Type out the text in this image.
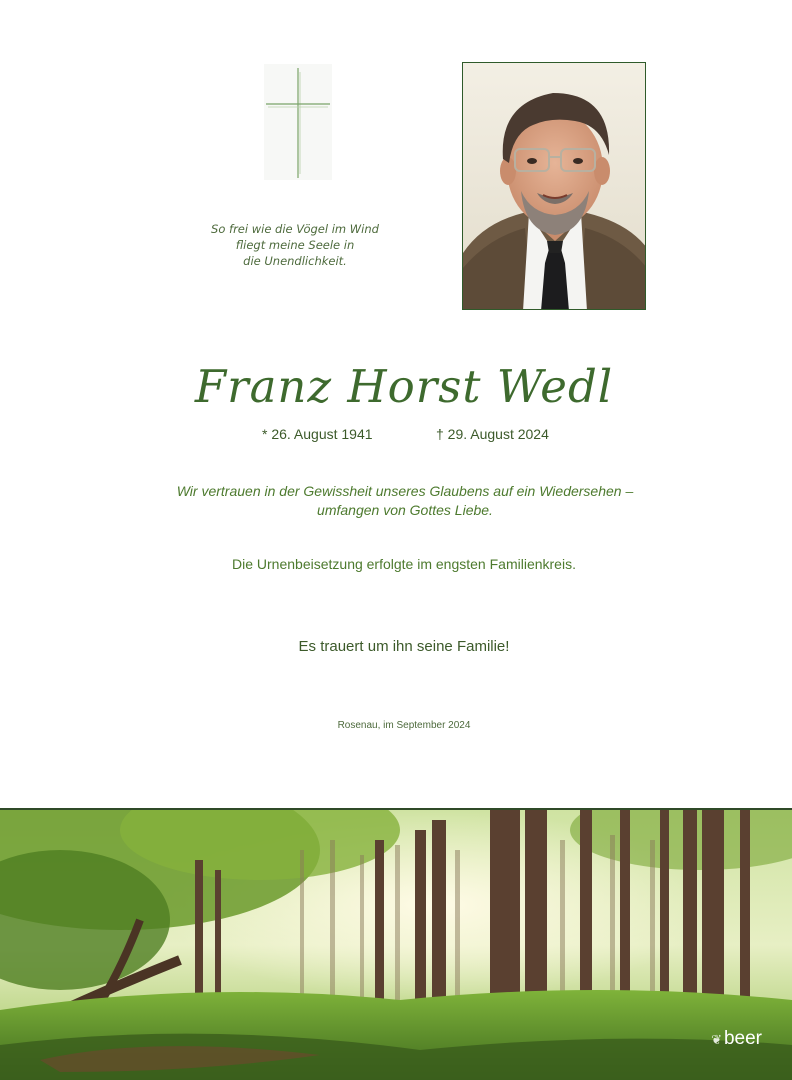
So frei wie die Vögel im Wind
fliegt meine Seele in
die Unendlichkeit.
Franz Horst Wedl
* 26. August 1941	† 29. August 2024
Wir vertrauen in der Gewissheit unseres Glaubens auf ein Wiedersehen –
umfangen von Gottes Liebe.
Die Urnenbeisetzung erfolgte im engsten Familienkreis.
Es trauert um ihn seine Familie!
Rosenau, im September 2024
❦ beer
